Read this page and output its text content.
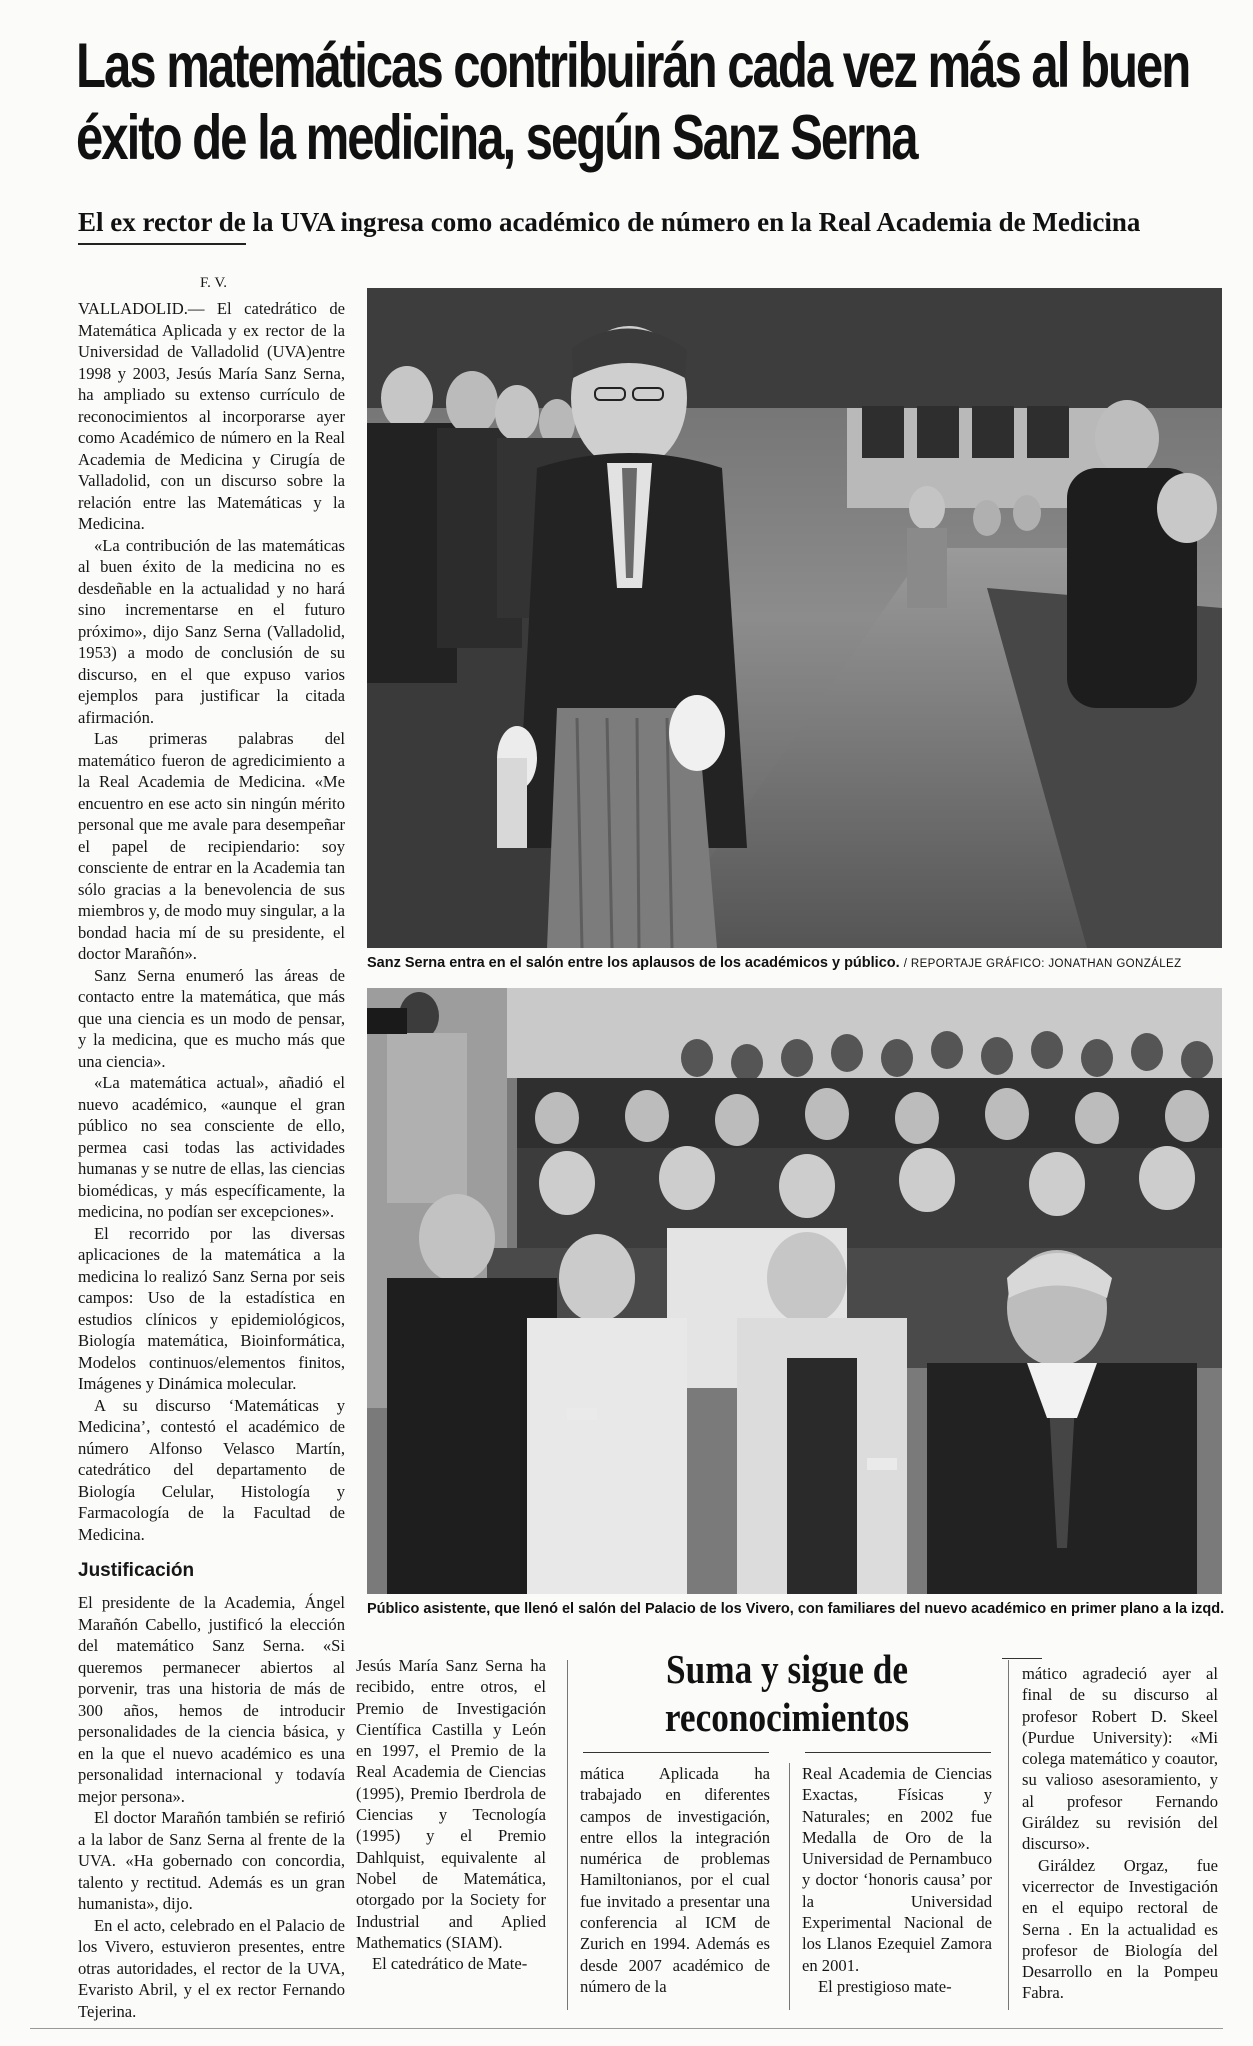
Las matemáticas contribuirán cada vez más al buen éxito de la medicina, según Sanz Serna
El ex rector de la UVA ingresa como académico de número en la Real Academia de Medicina
F. V.

VALLADOLID.— El catedrático de Matemática Aplicada y ex rector de la Universidad de Valladolid (UVA)entre 1998 y 2003, Jesús María Sanz Serna, ha ampliado su extenso currículo de reconocimientos al incorporarse ayer como Académico de número en la Real Academia de Medicina y Cirugía de Valladolid, con un discurso sobre la relación entre las Matemáticas y la Medicina.

«La contribución de las matemáticas al buen éxito de la medicina no es desdeñable en la actualidad y no hará sino incrementarse en el futuro próximo», dijo Sanz Serna (Valladolid, 1953) a modo de conclusión de su discurso, en el que expuso varios ejemplos para justificar la citada afirmación.

Las primeras palabras del matemático fueron de agredicimiento a la Real Academia de Medicina. «Me encuentro en ese acto sin ningún mérito personal que me avale para desempeñar el papel de recipiendario: soy consciente de entrar en la Academia tan sólo gracias a la benevolencia de sus miembros y, de modo muy singular, a la bondad hacia mí de su presidente, el doctor Marañón».

Sanz Serna enumeró las áreas de contacto entre la matemática, que más que una ciencia es un modo de pensar, y la medicina, que es mucho más que una ciencia».

«La matemática actual», añadió el nuevo académico, «aunque el gran público no sea consciente de ello, permea casi todas las actividades humanas y se nutre de ellas, las ciencias biomédicas, y más específicamente, la medicina, no podían ser excepciones».

El recorrido por las diversas aplicaciones de la matemática a la medicina lo realizó Sanz Serna por seis campos: Uso de la estadística en estudios clínicos y epidemiológicos, Biología matemática, Bioinformática, Modelos continuos/elementos finitos, Imágenes y Dinámica molecular.

A su discurso ‘Matemáticas y Medicina’, contestó el académico de número Alfonso Velasco Martín, catedrático del departamento de Biología Celular, Histología y Farmacología de la Facultad de Medicina.

Justificación

El presidente de la Academia, Ángel Marañón Cabello, justificó la elección del matemático Sanz Serna. «Si queremos permanecer abiertos al porvenir, tras una historia de más de 300 años, hemos de introducir personalidades de la ciencia básica, y en la que el nuevo académico es una personalidad internacional y todavía mejor persona».

El doctor Marañón también se refirió a la labor de Sanz Serna al frente de la UVA. «Ha gobernado con concordia, talento y rectitud. Además es un gran humanista», dijo.

En el acto, celebrado en el Palacio de los Vivero, estuvieron presentes, entre otras autoridades, el rector de la UVA, Evaristo Abril, y el ex rector Fernando Tejerina.

Sanz Serna entra en el salón entre los aplausos de los académicos y público. / REPORTAJE GRÁFICO: JONATHAN GONZÁLEZ
Público asistente, que llenó el salón del Palacio de los Vivero, con familiares del nuevo académico en primer plano a la izqd.
Suma y sigue de reconocimientos

Jesús María Sanz Serna ha recibido, entre otros, el Premio de Investigación Científica Castilla y León en 1997, el Premio de la Real Academia de Ciencias (1995), Premio Iberdrola de Ciencias y Tecnología (1995) y el Premio Dahlquist, equivalente al Nobel de Matemática, otorgado por la Society for Industrial and Aplied Mathematics (SIAM).

El catedrático de Mate-

mática Aplicada ha trabajado en diferentes campos de investigación, entre ellos la integración numérica de problemas Hamiltonianos, por el cual fue invitado a presentar una conferencia al ICM de Zurich en 1994. Además es desde 2007 académico de número de la

Real Academia de Ciencias Exactas, Físicas y Naturales; en 2002 fue Medalla de Oro de la Universidad de Pernambuco y doctor ‘honoris causa’ por la Universidad Experimental Nacional de los Llanos Ezequiel Zamora en 2001.

El prestigioso mate-

mático agradeció ayer al final de su discurso al profesor Robert D. Skeel (Purdue University): «Mi colega matemático y coautor, su valioso asesoramiento, y al profesor Fernando Giráldez su revisión del discurso».

Giráldez Orgaz, fue vicerrector de Investigación en el equipo rectoral de Serna . En la actualidad es profesor de Biología del Desarrollo en la Pompeu Fabra.
